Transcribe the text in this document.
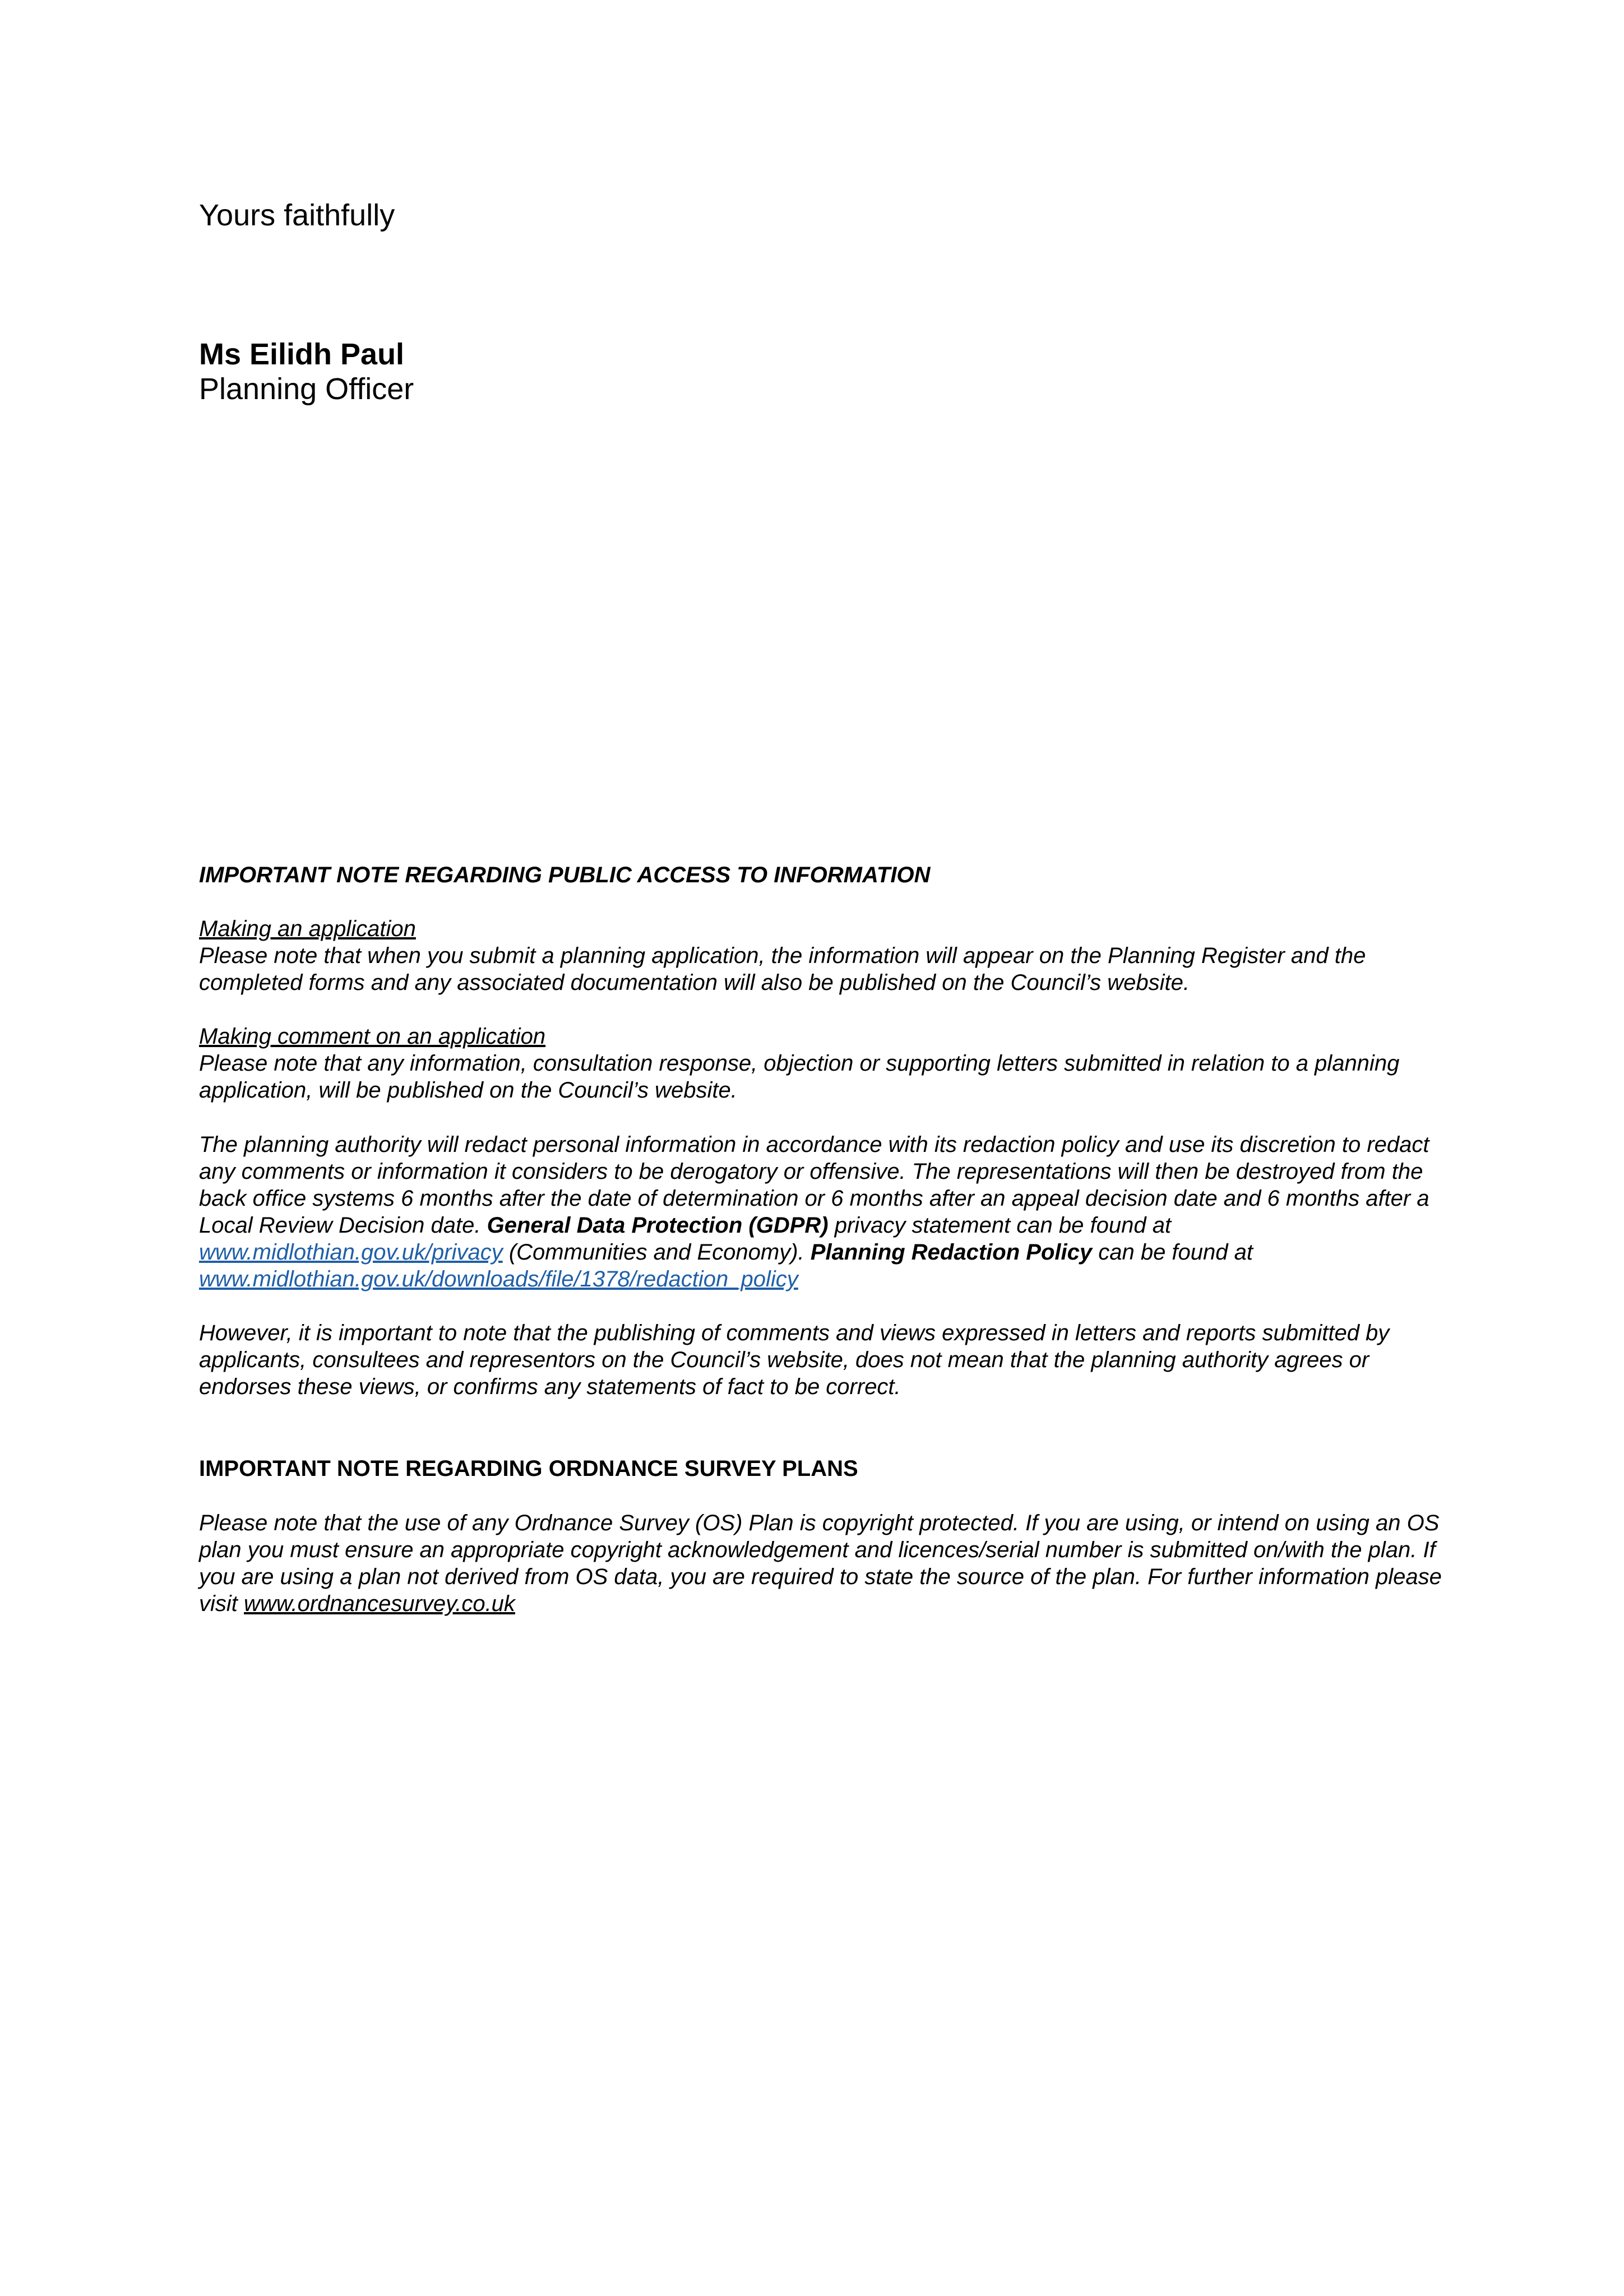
Yours faithfully
Ms Eilidh Paul
Planning Officer
IMPORTANT NOTE REGARDING PUBLIC ACCESS TO INFORMATION

Making an application

Please note that when you submit a planning application, the information will appear on the Planning Register and the completed forms and any associated documentation will also be published on the Council’s website.

Making comment on an application

Please note that any information, consultation response, objection or supporting letters submitted in relation to a planning application, will be published on the Council’s website.

The planning authority will redact personal information in accordance with its redaction policy and use its discretion to redact any comments or information it considers to be derogatory or offensive. The representations will then be destroyed from the back office systems 6 months after the date of determination or 6 months after an appeal decision date and 6 months after a Local Review Decision date. General Data Protection (GDPR) privacy statement can be found at www.midlothian.gov.uk/privacy (Communities and Economy). Planning Redaction Policy can be found at
www.midlothian.gov.uk/downloads/file/1378/redaction_policy

However, it is important to note that the publishing of comments and views expressed in letters and reports submitted by applicants, consultees and representors on the Council’s website, does not mean that the planning authority agrees or endorses these views, or confirms any statements of fact to be correct.
IMPORTANT NOTE REGARDING ORDNANCE SURVEY PLANS

Please note that the use of any Ordnance Survey (OS) Plan is copyright protected. If you are using, or intend on using an OS plan you must ensure an appropriate copyright acknowledgement and licences/serial number is submitted on/with the plan. If you are using a plan not derived from OS data, you are required to state the source of the plan. For further information please visit www.ordnancesurvey.co.uk
